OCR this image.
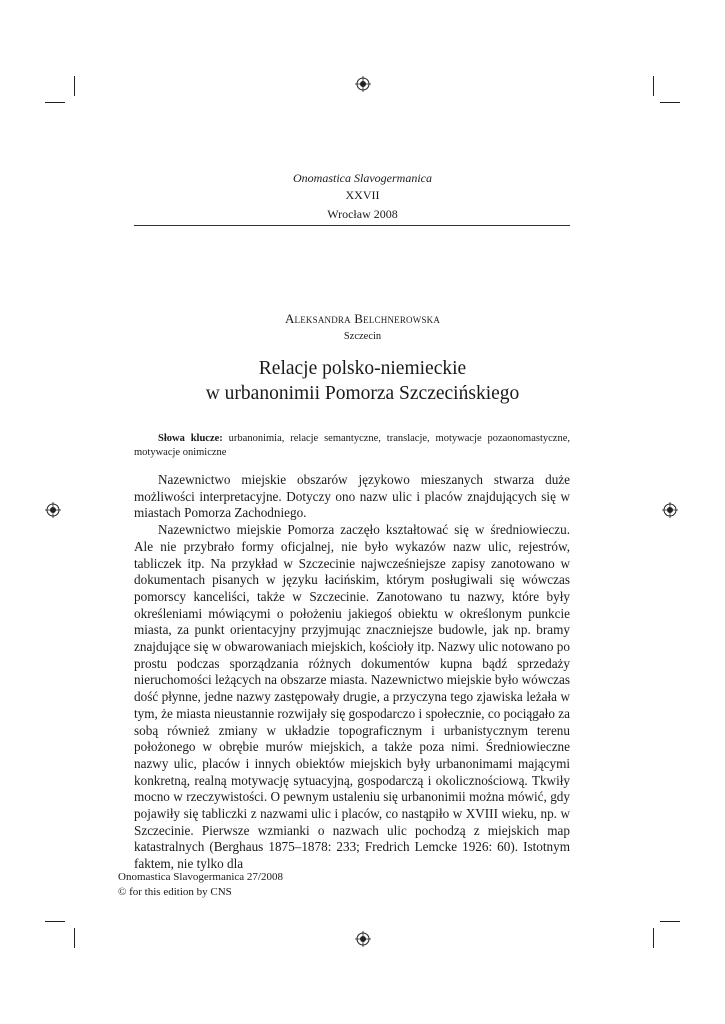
Onomastica Slavogermanica
XXVII
Wrocław 2008
Aleksandra Belchnerowska
Szczecin
Relacje polsko-niemieckie
w urbanonimii Pomorza Szczecińskiego
Słowa klucze: urbanonimia, relacje semantyczne, translacje, motywacje pozaonomastyczne, motywacje onimiczne

Nazewnictwo miejskie obszarów językowo mieszanych stwarza duże możliwości interpretacyjne. Dotyczy ono nazw ulic i placów znajdujących się w miastach Pomorza Zachodniego.

Nazewnictwo miejskie Pomorza zaczęło kształtować się w średniowieczu. Ale nie przybrało formy oficjalnej, nie było wykazów nazw ulic, rejestrów, tabliczek itp. Na przykład w Szczecinie najwcześniejsze zapisy zanotowano w dokumentach pisanych w języku łacińskim, którym posługiwali się wówczas pomorscy kanceliści, także w Szczecinie. Zanotowano tu nazwy, które były określeniami mówiącymi o położeniu jakiegoś obiektu w określonym punkcie miasta, za punkt orientacyjny przyjmując znaczniejsze budowle, jak np. bramy znajdujące się w obwarowaniach miejskich, kościoły itp. Nazwy ulic notowano po prostu podczas sporządzania różnych dokumentów kupna bądź sprzedaży nieruchomości leżących na obszarze miasta. Nazewnictwo miejskie było wówczas dość płynne, jedne nazwy zastępowały drugie, a przyczyna tego zjawiska leżała w tym, że miasta nieustannie rozwijały się gospodarczo i społecznie, co pociągało za sobą również zmiany w układzie topograficznym i urbanistycznym terenu położonego w obrębie murów miejskich, a także poza nimi. Średniowieczne nazwy ulic, placów i innych obiektów miejskich były urbanonimami mającymi konkretną, realną motywację sytuacyjną, gospodarczą i okolicznościową. Tkwiły mocno w rzeczywistości. O pewnym ustaleniu się urbanonimii można mówić, gdy pojawiły się tabliczki z nazwami ulic i placów, co nastąpiło w XVIII wieku, np. w Szczecinie. Pierwsze wzmianki o nazwach ulic pochodzą z miejskich map katastralnych (Berghaus 1875–1878: 233; Fredrich Lemcke 1926: 60). Istotnym faktem, nie tylko dla

Onomastica Slavogermanica 27/2008
© for this edition by CNS
